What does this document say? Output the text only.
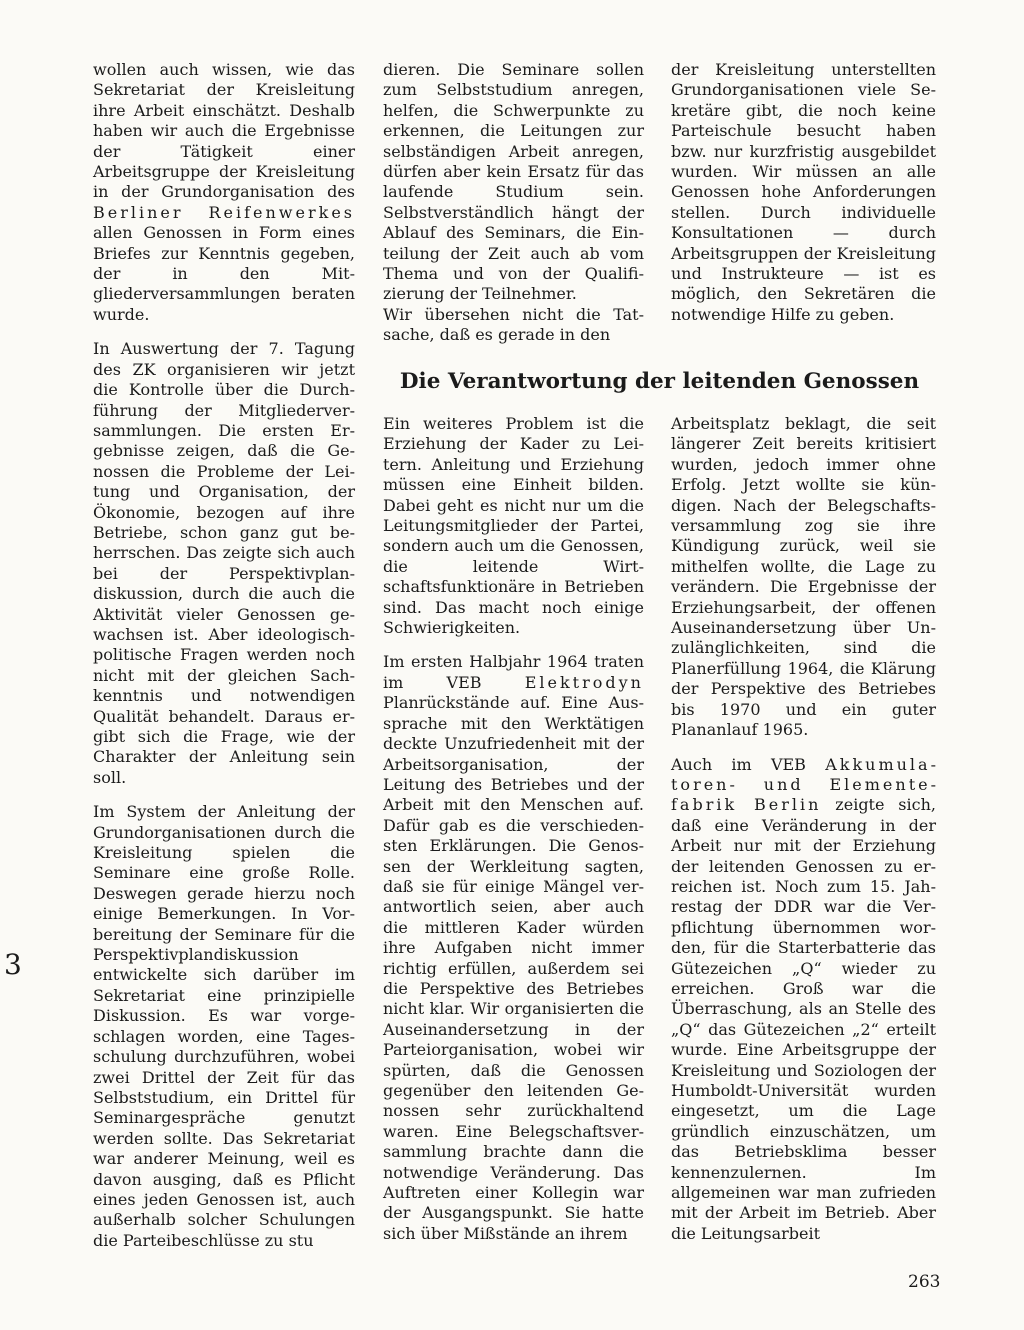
3

wollen auch wissen, wie das Sekretariat der Kreisleitung ihre Arbeit einschätzt. Deshalb haben wir auch die Ergebnisse der Tätigkeit einer Arbeitsgruppe der Kreisleitung in der Grundorganisation des Berliner Reifenwerkes allen Genossen in Form eines Briefes zur Kenntnis gegeben, der in den Mitgliederversammlungen beraten wurde.

In Auswertung der 7. Tagung des ZK organisieren wir jetzt die Kontrolle über die Durchführung der Mitgliederversammlungen. Die ersten Ergebnisse zeigen, daß die Genossen die Probleme der Leitung und Organisation, der Ökonomie, bezogen auf ihre Betriebe, schon ganz gut beherrschen. Das zeigte sich auch bei der Perspektivplandiskussion, durch die auch die Aktivität vieler Genossen gewachsen ist. Aber ideologisch-politische Fragen werden noch nicht mit der gleichen Sachkenntnis und notwendigen Qualität behandelt. Daraus ergibt sich die Frage, wie der Charakter der Anleitung sein soll.

Im System der Anleitung der Grundorganisationen durch die Kreisleitung spielen die Seminare eine große Rolle. Deswegen gerade hierzu noch einige Bemerkungen. In Vorbereitung der Seminare für die Perspektivplandiskussion entwickelte sich darüber im Sekretariat eine prinzipielle Diskussion. Es war vorgeschlagen worden, eine Tagesschulung durchzuführen, wobei zwei Drittel der Zeit für das Selbststudium, ein Drittel für Seminargespräche genutzt werden sollte. Das Sekretariat war anderer Meinung, weil es davon ausging, daß es Pflicht eines jeden Genossen ist, auch außerhalb solcher Schulungen die Parteibeschlüsse zu stu

dieren. Die Seminare sollen zum Selbststudium anregen, helfen, die Schwerpunkte zu erkennen, die Leitungen zur selbständigen Arbeit anregen, dürfen aber kein Ersatz für das laufende Studium sein. Selbstverständlich hängt der Ablauf des Seminars, die Einteilung der Zeit auch ab vom Thema und von der Qualifizierung der Teilnehmer.

Wir übersehen nicht die Tatsache, daß es gerade in den

der Kreisleitung unterstellten Grundorganisationen viele Sekretäre gibt, die noch keine Parteischule besucht haben bzw. nur kurzfristig ausgebildet wurden. Wir müssen an alle Genossen hohe Anforderungen stellen. Durch individuelle Konsultationen — durch Arbeitsgruppen der Kreisleitung und Instrukteure — ist es möglich, den Sekretären die notwendige Hilfe zu geben.

Die Verantwortung der leitenden Genossen

Ein weiteres Problem ist die Erziehung der Kader zu Leitern. Anleitung und Erziehung müssen eine Einheit bilden. Dabei geht es nicht nur um die Leitungsmitglieder der Partei, sondern auch um die Genossen, die leitende Wirtschaftsfunktionäre in Betrieben sind. Das macht noch einige Schwierigkeiten.

Im ersten Halbjahr 1964 traten im VEB	Elektrodyn Planrückstände auf. Eine Aussprache mit den Werktätigen deckte Unzufriedenheit mit der Arbeitsorganisation, der Leitung des Betriebes und der Arbeit mit den Menschen auf. Dafür gab es die verschiedensten Erklärungen. Die Genossen der Werkleitung sagten, daß sie für einige Mängel verantwortlich seien, aber auch die mittleren Kader würden ihre Aufgaben nicht immer richtig erfüllen, außerdem sei die Perspektive des Betriebes nicht klar. Wir organisierten die Auseinandersetzung in der Parteiorganisation, wobei wir spürten, daß die Genossen gegenüber den leitenden Genossen sehr zurückhaltend waren. Eine Belegschaftsversammlung brachte dann die notwendige Veränderung. Das Auftreten einer Kollegin war der Ausgangspunkt. Sie hatte sich über Mißstände an ihrem

Arbeitsplatz beklagt, die seit längerer Zeit bereits kritisiert wurden, jedoch immer ohne Erfolg. Jetzt wollte sie kündigen. Nach der Belegschaftsversammlung zog sie ihre Kündigung zurück, weil sie mithelfen wollte, die Lage zu verändern. Die Ergebnisse der Erziehungsarbeit, der offenen Auseinandersetzung über Unzulänglichkeiten, sind die Planerfüllung 1964, die Klärung der Perspektive des Betriebes bis 1970 und ein guter Plananlauf 1965.

Auch im VEB Akkumulatoren- und Elementefabrik Berlin zeigte sich, daß eine Veränderung in der Arbeit nur mit der Erziehung der leitenden Genossen zu erreichen ist. Noch zum 15. Jahrestag der DDR war die Verpflichtung übernommen worden, für die Starterbatterie das Gütezeichen „Q“ wieder zu erreichen. Groß war die Überraschung, als an Stelle des „Q“ das Gütezeichen „2“ erteilt wurde. Eine Arbeitsgruppe der Kreisleitung und Soziologen der Humboldt-Universität wurden eingesetzt, um die Lage gründlich einzuschätzen, um das Betriebsklima besser kennenzulernen. Im allgemeinen war man zufrieden mit der Arbeit im Betrieb. Aber die Leitungsarbeit

263
